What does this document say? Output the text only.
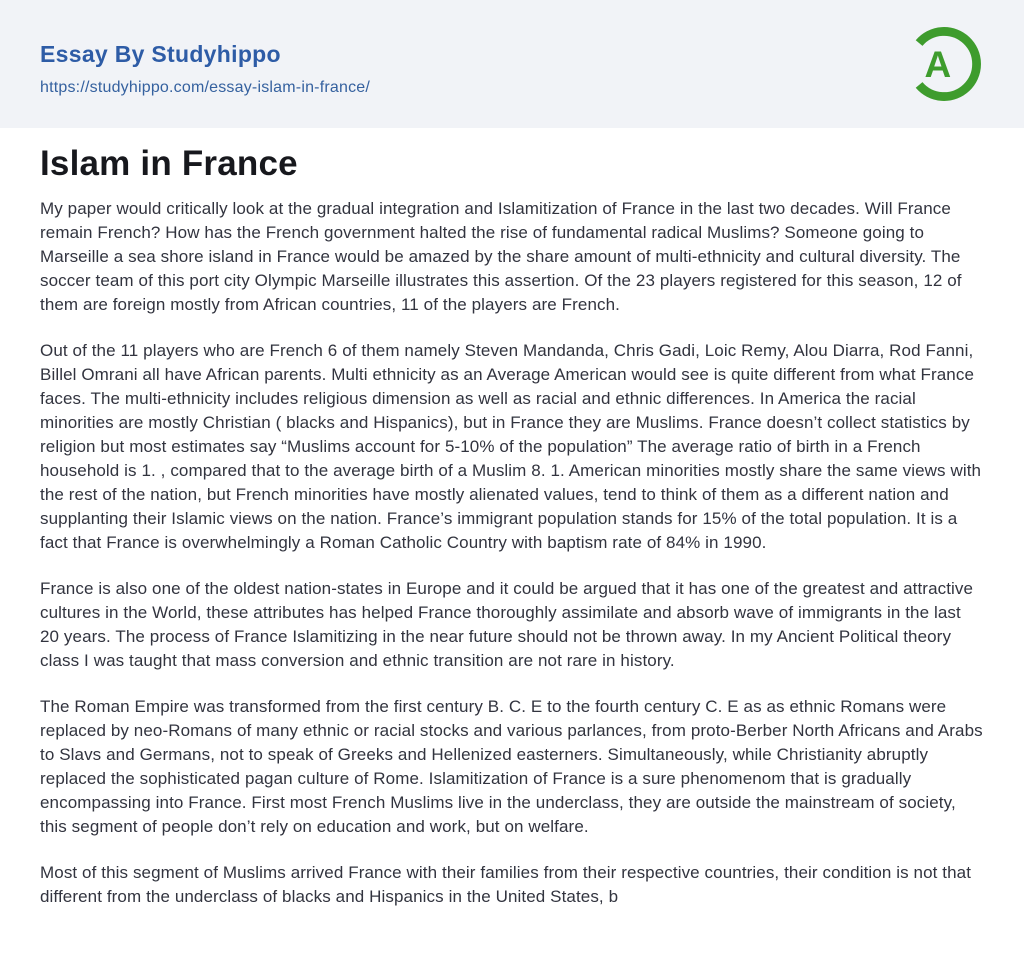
Essay By Studyhippo
https://studyhippo.com/essay-islam-in-france/
A
Islam in France

My paper would critically look at the gradual integration and Islamitization of France in the last two decades. Will France remain French? How has the French government halted the rise of fundamental radical Muslims? Someone going to Marseille a sea shore island in France would be amazed by the share amount of multi-ethnicity and cultural diversity. The soccer team of this port city Olympic Marseille illustrates this assertion. Of the 23 players registered for this season, 12 of them are foreign mostly from African countries, 11 of the players are French.

Out of the 11 players who are French 6 of them namely Steven Mandanda, Chris Gadi, Loic Remy, Alou Diarra, Rod Fanni, Billel Omrani all have African parents. Multi ethnicity as an Average American would see is quite different from what France faces. The multi-ethnicity includes religious dimension as well as racial and ethnic differences. In America the racial minorities are mostly Christian ( blacks and Hispanics), but in France they are Muslims. France doesn’t collect statistics by religion but most estimates say “Muslims account for 5-10% of the population” The average ratio of birth in a French household is 1. , compared that to the average birth of a Muslim 8. 1. American minorities mostly share the same views with the rest of the nation, but French minorities have mostly alienated values, tend to think of them as a different nation and supplanting their Islamic views on the nation. France’s immigrant population stands for 15% of the total population. It is a fact that France is overwhelmingly a Roman Catholic Country with baptism rate of 84% in 1990.

France is also one of the oldest nation-states in Europe and it could be argued that it has one of the greatest and attractive cultures in the World, these attributes has helped France thoroughly assimilate and absorb wave of immigrants in the last 20 years. The process of France Islamitizing in the near future should not be thrown away. In my Ancient Political theory class I was taught that mass conversion and ethnic transition are not rare in history.

The Roman Empire was transformed from the first century B. C. E to the fourth century C. E as as ethnic Romans were replaced by neo-Romans of many ethnic or racial stocks and various parlances, from proto-Berber North Africans and Arabs to Slavs and Germans, not to speak of Greeks and Hellenized easterners. Simultaneously, while Christianity abruptly replaced the sophisticated pagan culture of Rome. Islamitization of France is a sure phenomenom that is gradually encompassing into France. First most French Muslims live in the underclass, they are outside the mainstream of society, this segment of people don’t rely on education and work, but on welfare.

Most of this segment of Muslims arrived France with their families from their respective countries, their condition is not that different from the underclass of blacks and Hispanics in the United States, b
